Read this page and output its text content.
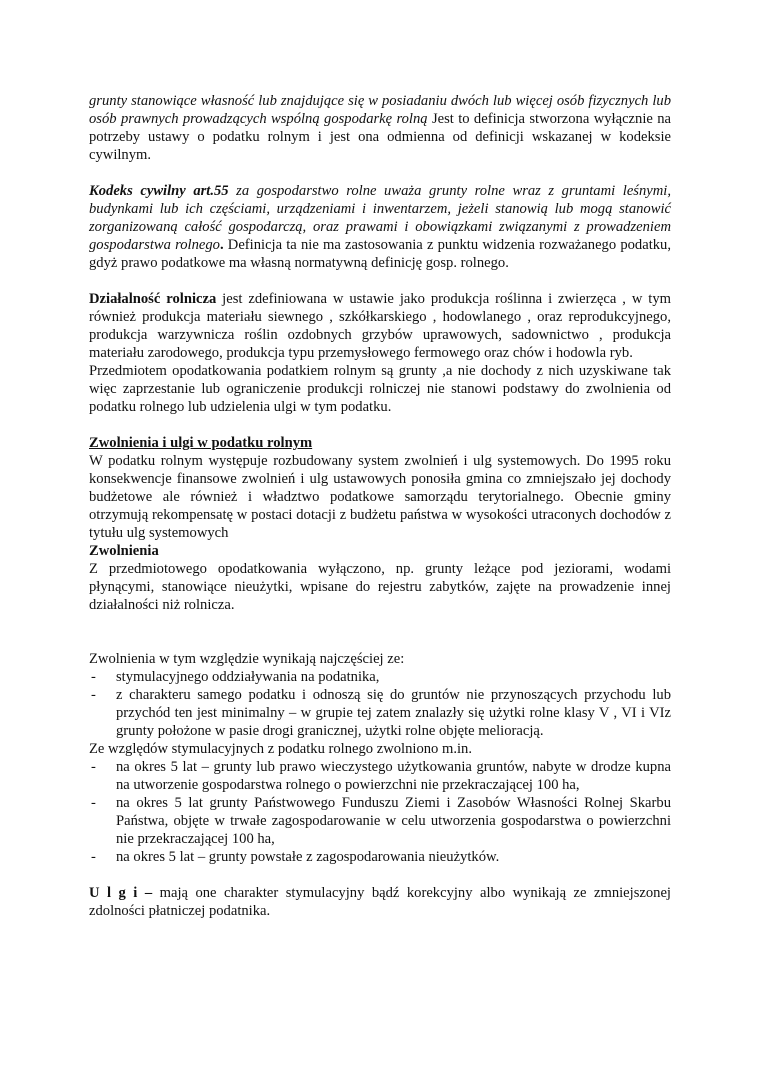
grunty stanowiące własność lub znajdujące się w posiadaniu dwóch lub więcej osób fizycznych lub osób prawnych prowadzących wspólną gospodarkę rolną Jest to definicja stworzona wyłącznie na potrzeby ustawy o podatku rolnym i jest ona odmienna od definicji wskazanej w kodeksie cywilnym.

Kodeks cywilny art.55 za gospodarstwo rolne uważa grunty rolne wraz z gruntami leśnymi, budynkami lub ich częściami, urządzeniami i inwentarzem, jeżeli stanowią lub mogą stanowić zorganizowaną całość gospodarczą, oraz prawami i obowiązkami związanymi z prowadzeniem gospodarstwa rolnego. Definicja ta nie ma zastosowania z punktu widzenia rozważanego podatku, gdyż prawo podatkowe ma własną normatywną definicję gosp. rolnego.

Działalność rolnicza jest zdefiniowana w ustawie jako produkcja roślinna i zwierzęca , w tym również produkcja materiału siewnego , szkółkarskiego , hodowlanego , oraz reprodukcyjnego, produkcja warzywnicza roślin ozdobnych grzybów uprawowych, sadownictwo , produkcja materiału zarodowego, produkcja typu przemysłowego fermowego oraz chów i hodowla ryb.

Przedmiotem opodatkowania podatkiem rolnym są grunty ,a nie dochody z nich uzyskiwane tak więc zaprzestanie lub ograniczenie produkcji rolniczej nie stanowi podstawy do zwolnienia od podatku rolnego lub udzielenia ulgi w tym podatku.

Zwolnienia i ulgi w podatku rolnym

W podatku rolnym występuje rozbudowany system zwolnień i ulg systemowych. Do 1995 roku konsekwencje finansowe zwolnień i ulg ustawowych ponosiła gmina co zmniejszało jej dochody budżetowe ale również i władztwo podatkowe samorządu terytorialnego. Obecnie gminy otrzymują rekompensatę w postaci dotacji z budżetu państwa w wysokości utraconych dochodów z tytułu ulg systemowych

Zwolnienia

Z przedmiotowego opodatkowania wyłączono, np. grunty leżące pod jeziorami, wodami płynącymi, stanowiące nieużytki, wpisane do rejestru zabytków, zajęte na prowadzenie innej działalności niż rolnicza.

Zwolnienia w tym względzie wynikają najczęściej ze:

- stymulacyjnego oddziaływania na podatnika,
- z charakteru samego podatku i odnoszą się do gruntów nie przynoszących przychodu lub przychód ten jest minimalny – w grupie tej zatem znalazły się użytki rolne klasy V , VI i VIz grunty położone w pasie drogi granicznej, użytki rolne objęte melioracją.

Ze względów stymulacyjnych z podatku rolnego zwolniono m.in.

- na okres 5 lat – grunty lub prawo wieczystego użytkowania gruntów, nabyte w drodze kupna na utworzenie gospodarstwa rolnego o powierzchni nie przekraczającej 100 ha,
- na okres 5 lat grunty Państwowego Funduszu Ziemi i Zasobów Własności Rolnej Skarbu Państwa, objęte w trwałe zagospodarowanie w celu utworzenia gospodarstwa o powierzchni nie przekraczającej 100 ha,
- na okres 5 lat – grunty powstałe z zagospodarowania nieużytków.

U l g i – mają one charakter stymulacyjny bądź korekcyjny albo wynikają ze zmniejszonej zdolności płatniczej podatnika.
